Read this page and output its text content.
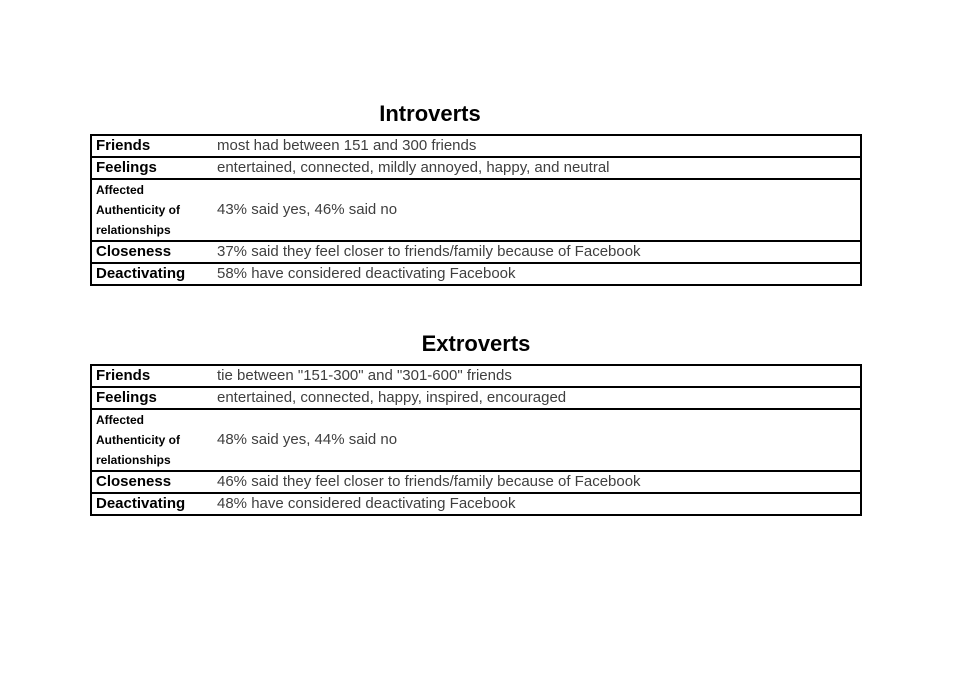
Introverts
Friends	most had between 151 and 300 friends
Feelings	entertained, connected, mildly annoyed, happy, and neutral
Affected Authenticity of relationships	43% said yes, 46% said no
Closeness	37% said they feel closer to friends/family because of Facebook
Deactivating	58% have considered deactivating Facebook
Extroverts
Friends	tie between "151-300" and "301-600" friends
Feelings	entertained, connected, happy, inspired, encouraged
Affected Authenticity of relationships	48% said yes, 44% said no
Closeness	46% said they feel closer to friends/family because of Facebook
Deactivating	48% have considered deactivating Facebook
